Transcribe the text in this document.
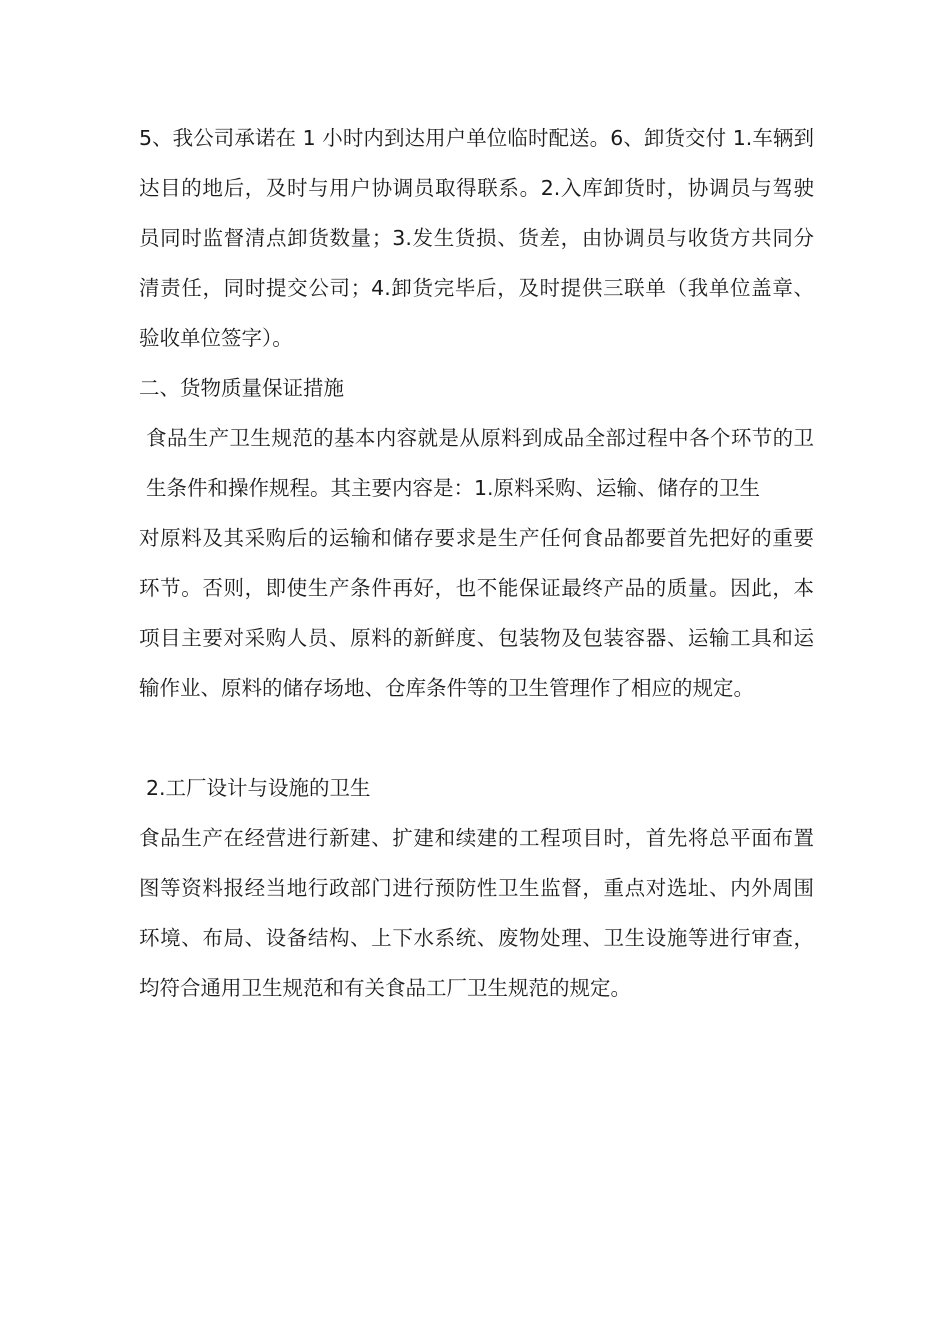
5、我公司承诺在 1 小时内到达用户单位临时配送。6、卸货交付 1.车辆到达目的地后，及时与用户协调员取得联系。2.入库卸货时，协调员与驾驶员同时监督清点卸货数量；3.发生货损、货差，由协调员与收货方共同分清责任，同时提交公司；4.卸货完毕后，及时提供三联单（我单位盖章、验收单位签字）。

二、货物质量保证措施

食品生产卫生规范的基本内容就是从原料到成品全部过程中各个环节的卫生条件和操作规程。其主要内容是：1.原料采购、运输、储存的卫生

对原料及其采购后的运输和储存要求是生产任何食品都要首先把好的重要环节。否则，即使生产条件再好，也不能保证最终产品的质量。因此，本项目主要对采购人员、原料的新鲜度、包装物及包装容器、运输工具和运输作业、原料的储存场地、仓库条件等的卫生管理作了相应的规定。

2.工厂设计与设施的卫生

食品生产在经营进行新建、扩建和续建的工程项目时，首先将总平面布置图等资料报经当地行政部门进行预防性卫生监督，重点对选址、内外周围环境、布局、设备结构、上下水系统、废物处理、卫生设施等进行审查，均符合通用卫生规范和有关食品工厂卫生规范的规定。
